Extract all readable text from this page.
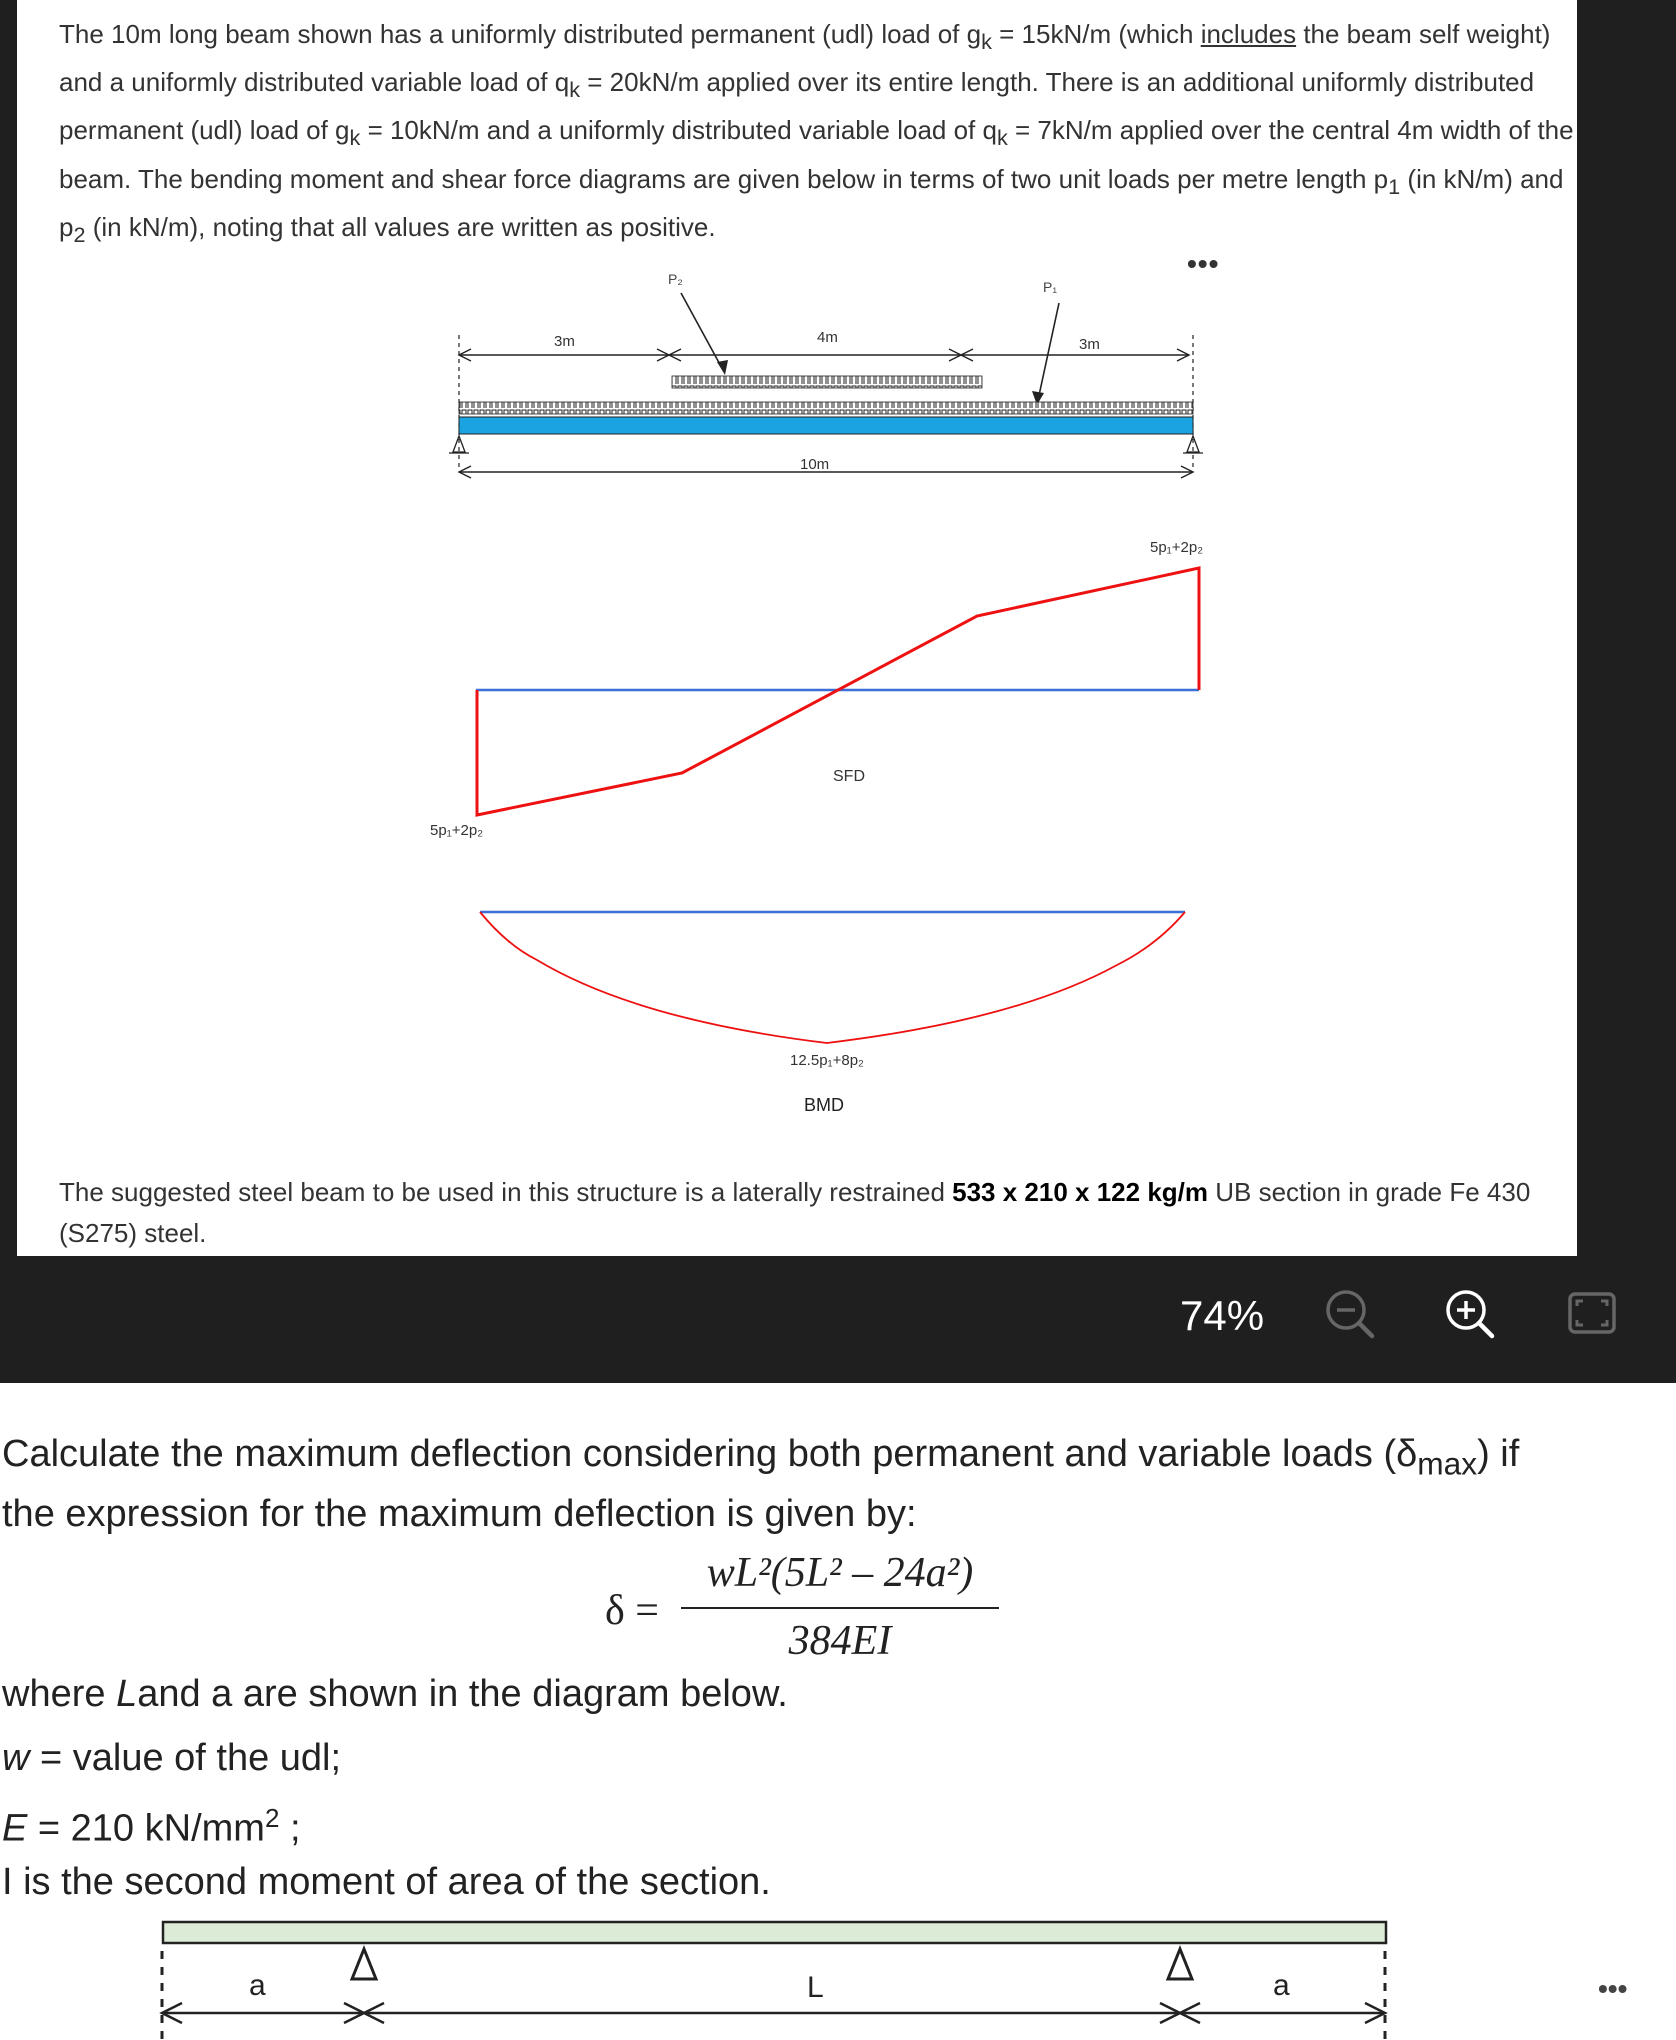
The 10m long beam shown has a uniformly distributed permanent (udl) load of $g_k = 15kN/m$ (which includes the beam self weight) and a uniformly distributed variable load of $q_k = 20kN/m$ applied over its entire length. There is an additional uniformly distributed permanent (udl) load of $g_k = 10kN/m$ and a uniformly distributed variable load of $q_k = 7kN/m$ applied over the central 4m width of the beam. The bending moment and shear force diagrams are given below in terms of two unit loads per metre length $p_1$ (in kN/m) and $p_2$ (in kN/m), noting that all values are written as positive.
•••
P₂	P₁
3m	4m	3m
10m
5p₁+2p₂
5p₁+2p₂
SFD
12.5p₁+8p₂
BMD
The suggested steel beam to be used in this structure is a laterally restrained 533 x 210 x 122 kg/m UB section in grade Fe 430 (S275) steel.
74%
Calculate the maximum deflection considering both permanent and variable loads $(\delta_{max})$ if
the expression for the maximum deflection is given by:
δ =
wL²(5L² – 24a²)
384EI
where Land a are shown in the diagram below.
w = value of the udl;
E = 210 $kN/mm^2$ ;
I is the second moment of area of the section.
a	L	a	•••
